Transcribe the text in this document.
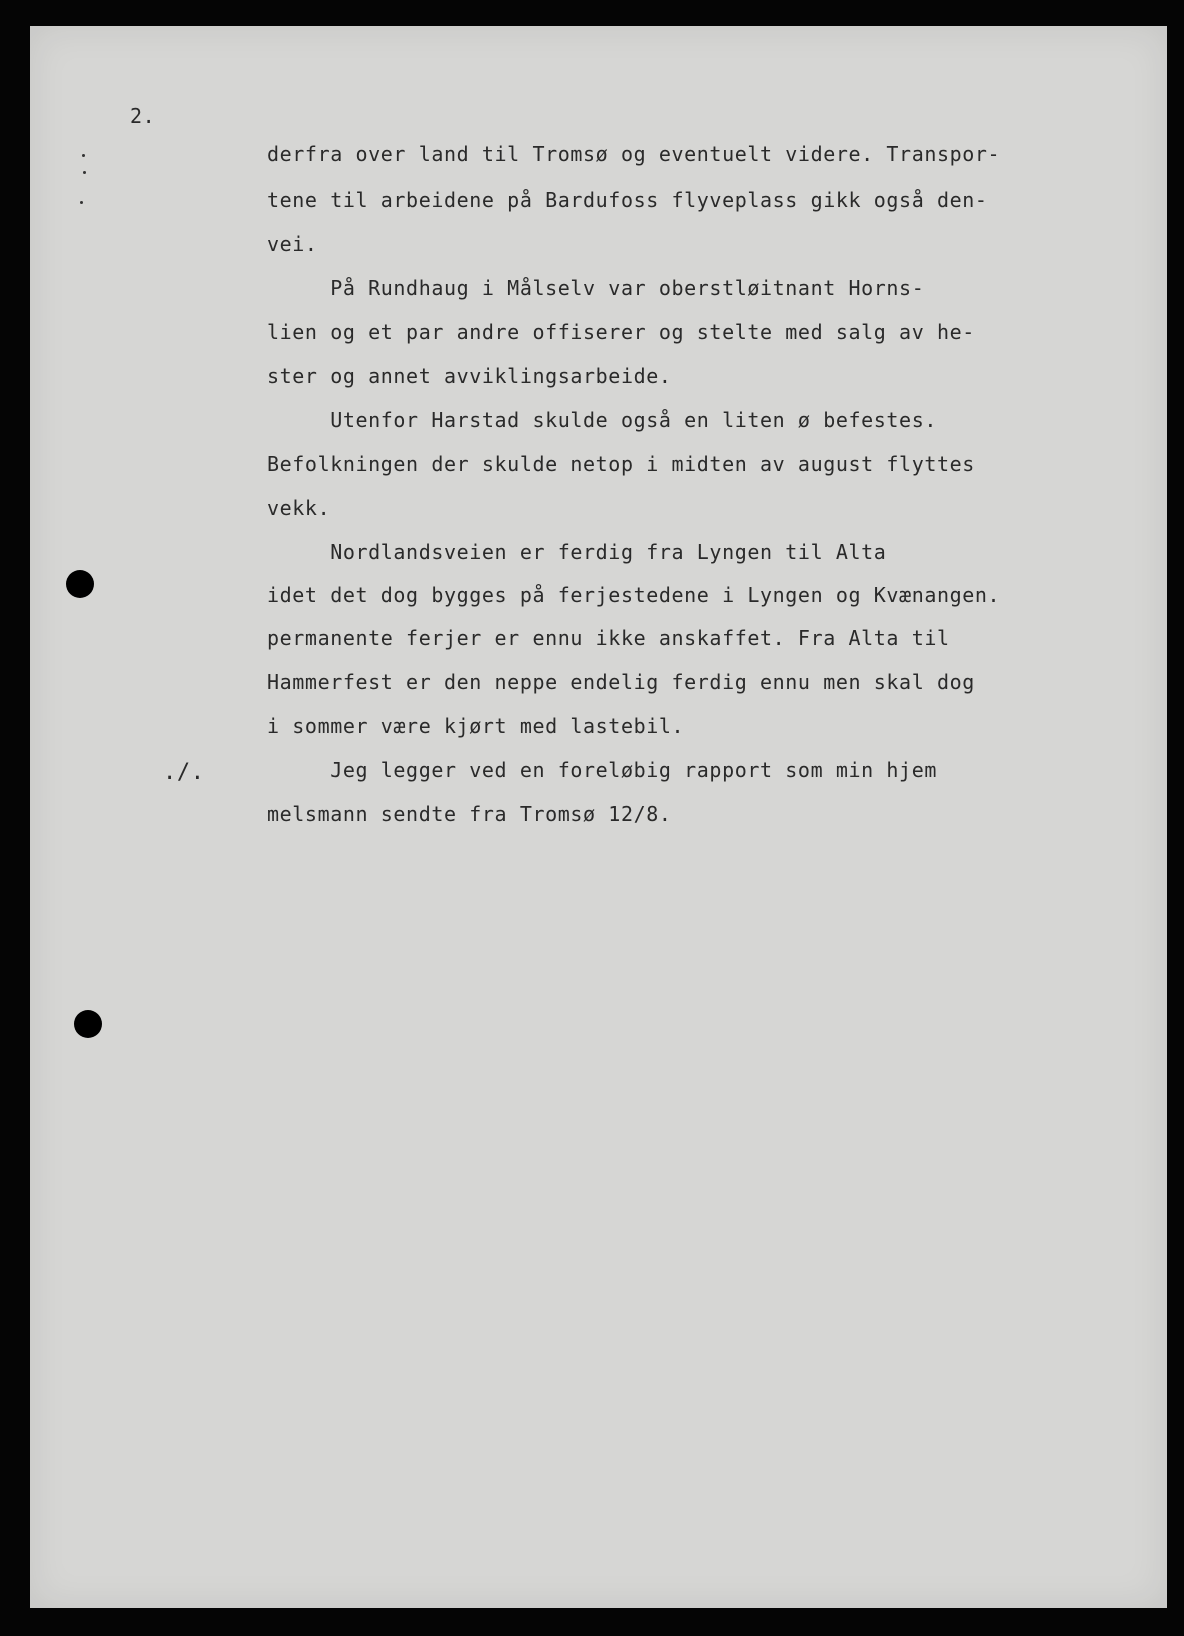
2.
derfra over land til Tromsø og eventuelt videre. Transpor-
tene til arbeidene på Bardufoss flyveplass gikk også den-
vei.
På Rundhaug i Målselv var oberstløitnant Horns-
lien og et par andre offiserer og stelte med salg av he-
ster og annet avviklingsarbeide.
Utenfor Harstad skulde også en liten ø befestes.
Befolkningen der skulde netop i midten av august flyttes
vekk.
Nordlandsveien er ferdig fra Lyngen til Alta
idet det dog bygges på ferjestedene i Lyngen og Kvænangen.
permanente ferjer er ennu ikke anskaffet. Fra Alta til
Hammerfest er den neppe endelig ferdig ennu men skal dog
i sommer være kjørt med lastebil.
Jeg legger ved en foreløbig rapport som min hjem
melsmann sendte fra Tromsø 12/8.
./.
